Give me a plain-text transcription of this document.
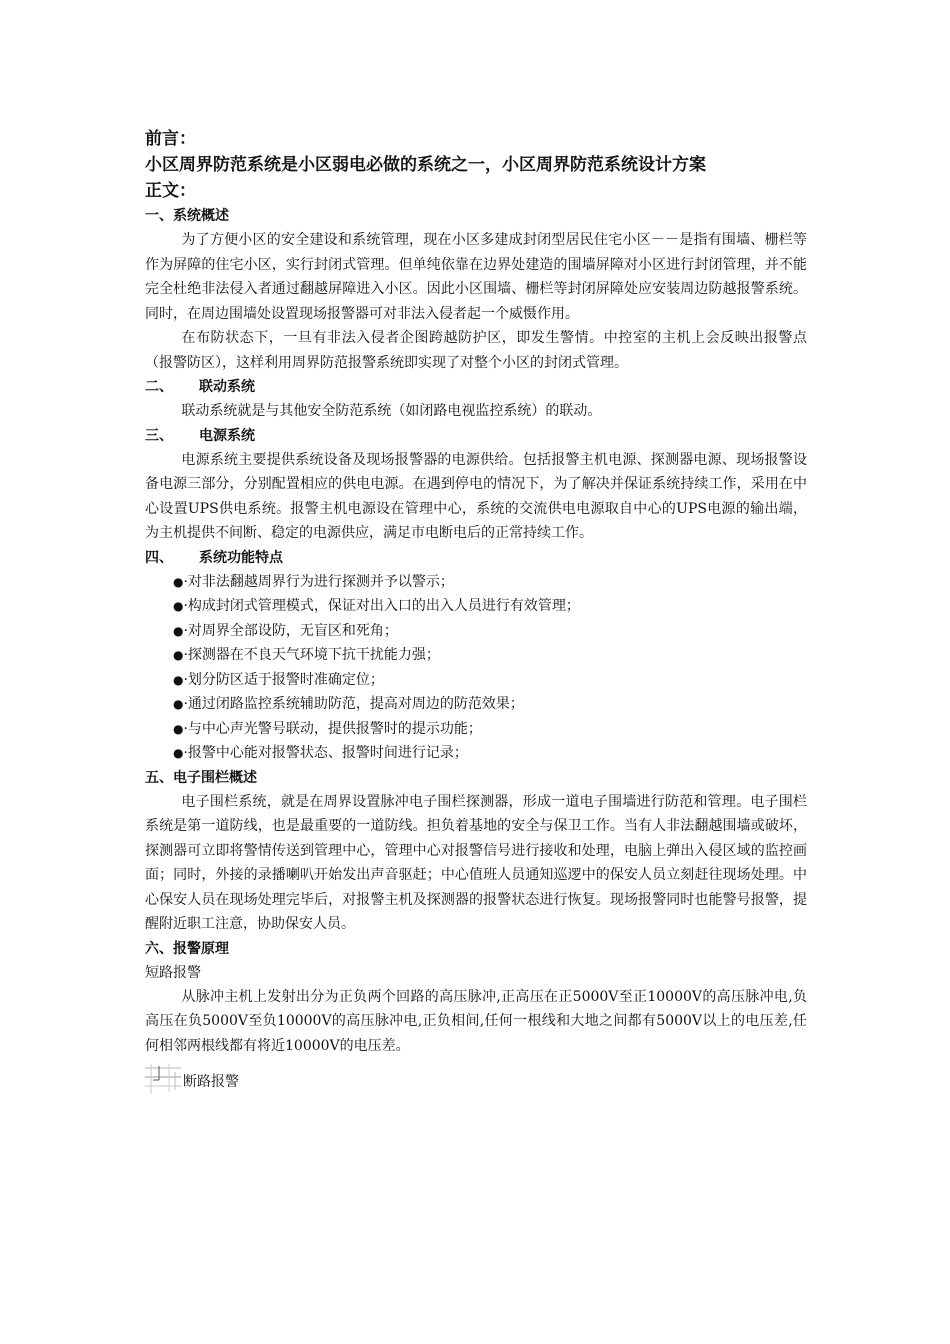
前言：

小区周界防范系统是小区弱电必做的系统之一，小区周界防范系统设计方案

正文：

一、系统概述

为了方便小区的安全建设和系统管理，现在小区多建成封闭型居民住宅小区－－是指有围墙、栅栏等作为屏障的住宅小区，实行封闭式管理。但单纯依靠在边界处建造的围墙屏障对小区进行封闭管理，并不能完全杜绝非法侵入者通过翻越屏障进入小区。因此小区围墙、栅栏等封闭屏障处应安装周边防越报警系统。同时，在周边围墙处设置现场报警器可对非法入侵者起一个威慑作用。

在布防状态下，一旦有非法入侵者企图跨越防护区，即发生警情。中控室的主机上会反映出报警点（报警防区），这样利用周界防范报警系统即实现了对整个小区的封闭式管理。

二、 联动系统

联动系统就是与其他安全防范系统（如闭路电视监控系统）的联动。

三、 电源系统

电源系统主要提供系统设备及现场报警器的电源供给。包括报警主机电源、探测器电源、现场报警设备电源三部分，分别配置相应的供电电源。在遇到停电的情况下，为了解决并保证系统持续工作，采用在中心设置UPS供电系统。报警主机电源设在管理中心，系统的交流供电电源取自中心的UPS电源的输出端，为主机提供不间断、稳定的电源供应，满足市电断电后的正常持续工作。

四、 系统功能特点

●·对非法翻越周界行为进行探测并予以警示；
●·构成封闭式管理模式，保证对出入口的出入人员进行有效管理；
●·对周界全部设防，无盲区和死角；
●·探测器在不良天气环境下抗干扰能力强；
●·划分防区适于报警时准确定位；
●·通过闭路监控系统辅助防范，提高对周边的防范效果；
●·与中心声光警号联动，提供报警时的提示功能；
●·报警中心能对报警状态、报警时间进行记录；

五、电子围栏概述

电子围栏系统，就是在周界设置脉冲电子围栏探测器，形成一道电子围墙进行防范和管理。电子围栏系统是第一道防线，也是最重要的一道防线。担负着基地的安全与保卫工作。当有人非法翻越围墙或破坏，探测器可立即将警情传送到管理中心，管理中心对报警信号进行接收和处理，电脑上弹出入侵区域的监控画面；同时，外接的录播喇叭开始发出声音驱赶；中心值班人员通知巡逻中的保安人员立刻赶往现场处理。中心保安人员在现场处理完毕后，对报警主机及探测器的报警状态进行恢复。现场报警同时也能警号报警，提醒附近职工注意，协助保安人员。

六、报警原理

短路报警

从脉冲主机上发射出分为正负两个回路的高压脉冲,正高压在正5000V至正10000V的高压脉冲电,负高压在负5000V至负10000V的高压脉冲电,正负相间,任何一根线和大地之间都有5000V以上的电压差,任何相邻两根线都有将近10000V的电压差。

断路报警
